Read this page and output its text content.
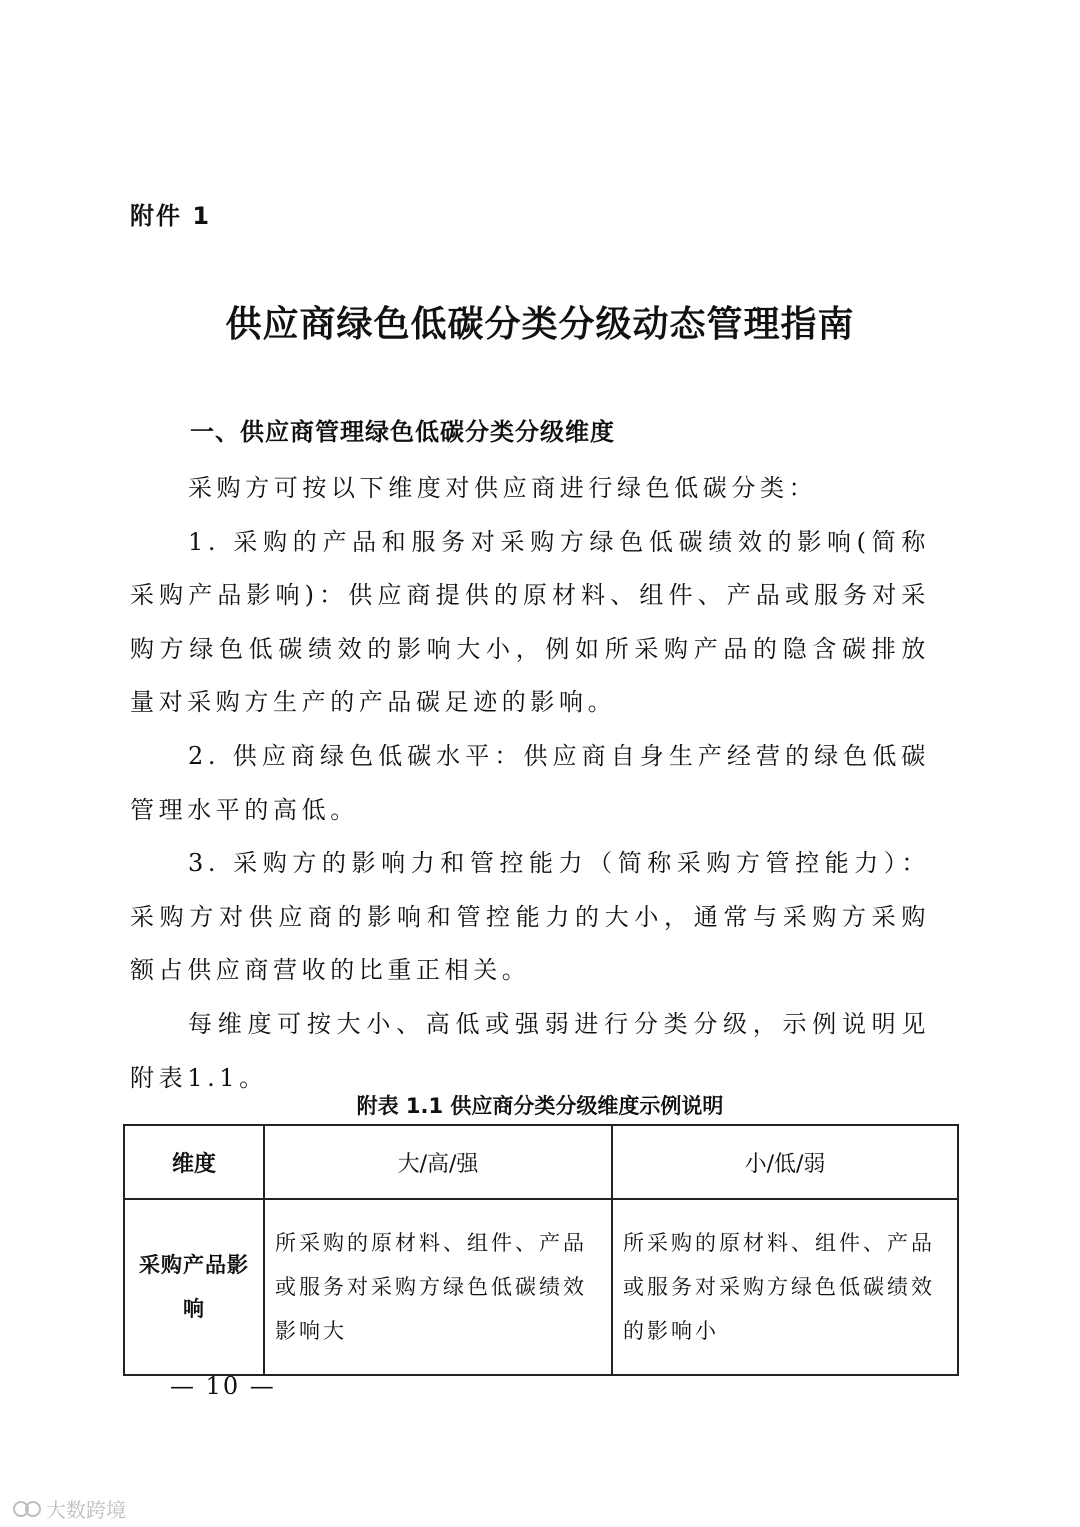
附件 1
供应商绿色低碳分类分级动态管理指南
一、供应商管理绿色低碳分类分级维度

采购方可按以下维度对供应商进行绿色低碳分类：

1. 采购的产品和服务对采购方绿色低碳绩效的影响(简称采购产品影响)：供应商提供的原材料、组件、产品或服务对采购方绿色低碳绩效的影响大小，例如所采购产品的隐含碳排放量对采购方生产的产品碳足迹的影响。

2. 供应商绿色低碳水平：供应商自身生产经营的绿色低碳管理水平的高低。

3. 采购方的影响力和管控能力（简称采购方管控能力）：采购方对供应商的影响和管控能力的大小，通常与采购方采购额占供应商营收的比重正相关。

每维度可按大小、高低或强弱进行分类分级，示例说明见附表1.1。

附表 1.1 供应商分类分级维度示例说明
维度	大/高/强	小/低/弱
采购产品影响	所采购的原材料、组件、产品或服务对采购方绿色低碳绩效影响大	所采购的原材料、组件、产品或服务对采购方绿色低碳绩效的影响小
— 10 —
大数跨境
